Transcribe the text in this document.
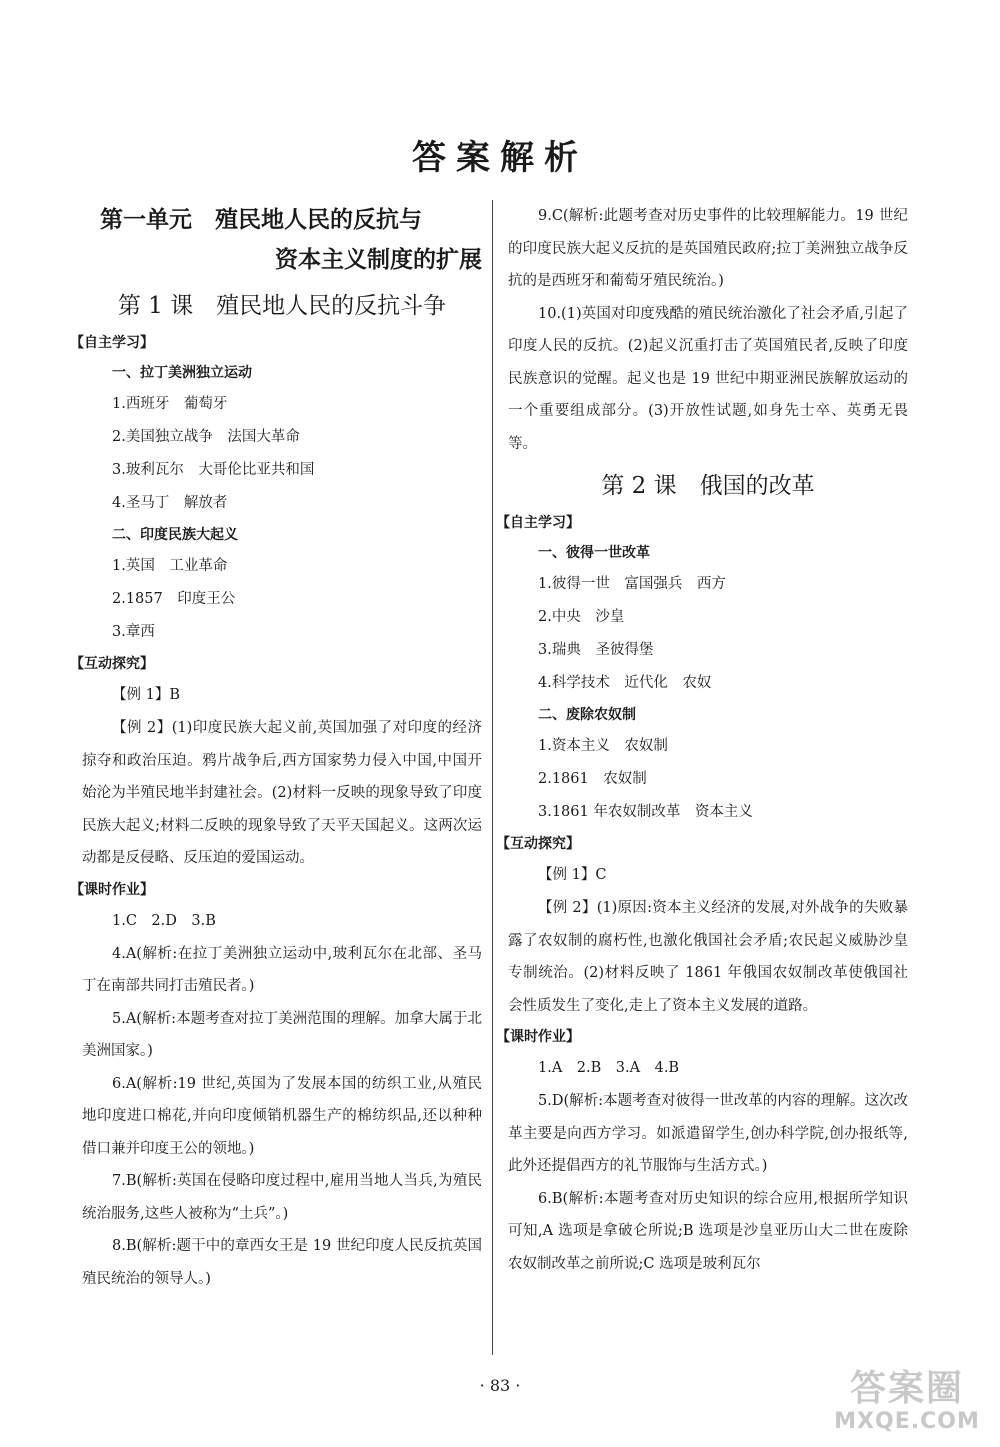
答案解析
第一单元　殖民地人民的反抗与
资本主义制度的扩展
第 1 课　殖民地人民的反抗斗争
【自主学习】
一、拉丁美洲独立运动
1.西班牙　葡萄牙
2.美国独立战争　法国大革命
3.玻利瓦尔　大哥伦比亚共和国
4.圣马丁　解放者
二、印度民族大起义
1.英国　工业革命
2.1857　印度王公
3.章西
【互动探究】
【例 1】B
【例 2】(1)印度民族大起义前,英国加强了对印度的经济掠夺和政治压迫。鸦片战争后,西方国家势力侵入中国,中国开始沦为半殖民地半封建社会。(2)材料一反映的现象导致了印度民族大起义;材料二反映的现象导致了天平天国起义。这两次运动都是反侵略、反压迫的爱国运动。
【课时作业】
1.C　2.D　3.B
4.A(解析:在拉丁美洲独立运动中,玻利瓦尔在北部、圣马丁在南部共同打击殖民者。)
5.A(解析:本题考查对拉丁美洲范围的理解。加拿大属于北美洲国家。)
6.A(解析:19 世纪,英国为了发展本国的纺织工业,从殖民地印度进口棉花,并向印度倾销机器生产的棉纺织品,还以种种借口兼并印度王公的领地。)
7.B(解析:英国在侵略印度过程中,雇用当地人当兵,为殖民统治服务,这些人被称为“土兵”。)
8.B(解析:题干中的章西女王是 19 世纪印度人民反抗英国殖民统治的领导人。)
9.C(解析:此题考查对历史事件的比较理解能力。19 世纪的印度民族大起义反抗的是英国殖民政府;拉丁美洲独立战争反抗的是西班牙和葡萄牙殖民统治。)
10.(1)英国对印度残酷的殖民统治激化了社会矛盾,引起了印度人民的反抗。(2)起义沉重打击了英国殖民者,反映了印度民族意识的觉醒。起义也是 19 世纪中期亚洲民族解放运动的一个重要组成部分。(3)开放性试题,如身先士卒、英勇无畏等。
第 2 课　俄国的改革
【自主学习】
一、彼得一世改革
1.彼得一世　富国强兵　西方
2.中央　沙皇
3.瑞典　圣彼得堡
4.科学技术　近代化　农奴
二、废除农奴制
1.资本主义　农奴制
2.1861　农奴制
3.1861 年农奴制改革　资本主义
【互动探究】
【例 1】C
【例 2】(1)原因:资本主义经济的发展,对外战争的失败暴露了农奴制的腐朽性,也激化俄国社会矛盾;农民起义威胁沙皇专制统治。(2)材料反映了 1861 年俄国农奴制改革使俄国社会性质发生了变化,走上了资本主义发展的道路。
【课时作业】
1.A　2.B　3.A　4.B
5.D(解析:本题考查对彼得一世改革的内容的理解。这次改革主要是向西方学习。如派遣留学生,创办科学院,创办报纸等,此外还提倡西方的礼节服饰与生活方式。)
6.B(解析:本题考查对历史知识的综合应用,根据所学知识可知,A 选项是拿破仑所说;B 选项是沙皇亚历山大二世在废除农奴制改革之前所说;C 选项是玻利瓦尔
· 83 ·	答案圈
MXQE.COM
